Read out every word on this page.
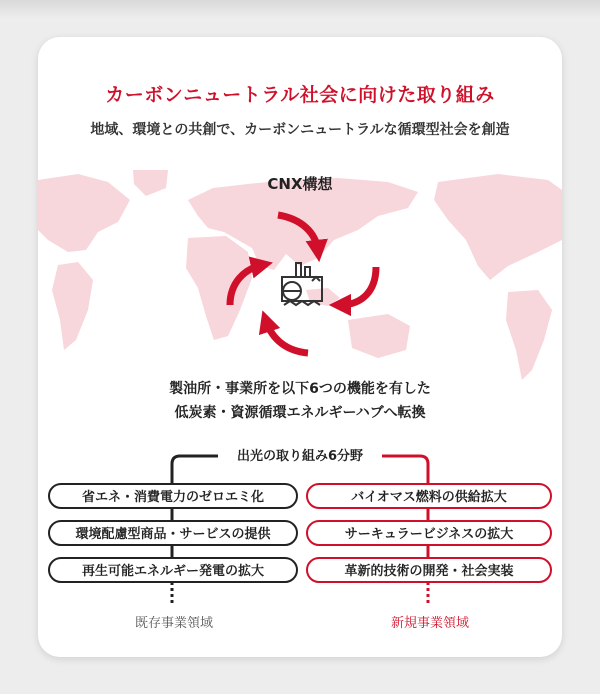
カーボンニュートラル社会に向けた取り組み
地域、環境との共創で、カーボンニュートラルな循環型社会を創造
CNX構想
製油所・事業所を以下6つの機能を有した
低炭素・資源循環エネルギーハブへ転換
出光の取り組み6分野
省エネ・消費電力のゼロエミ化
環境配慮型商品・サービスの提供
再生可能エネルギー発電の拡大
バイオマス燃料の供給拡大
サーキュラービジネスの拡大
革新的技術の開発・社会実装
既存事業領域	新規事業領域
